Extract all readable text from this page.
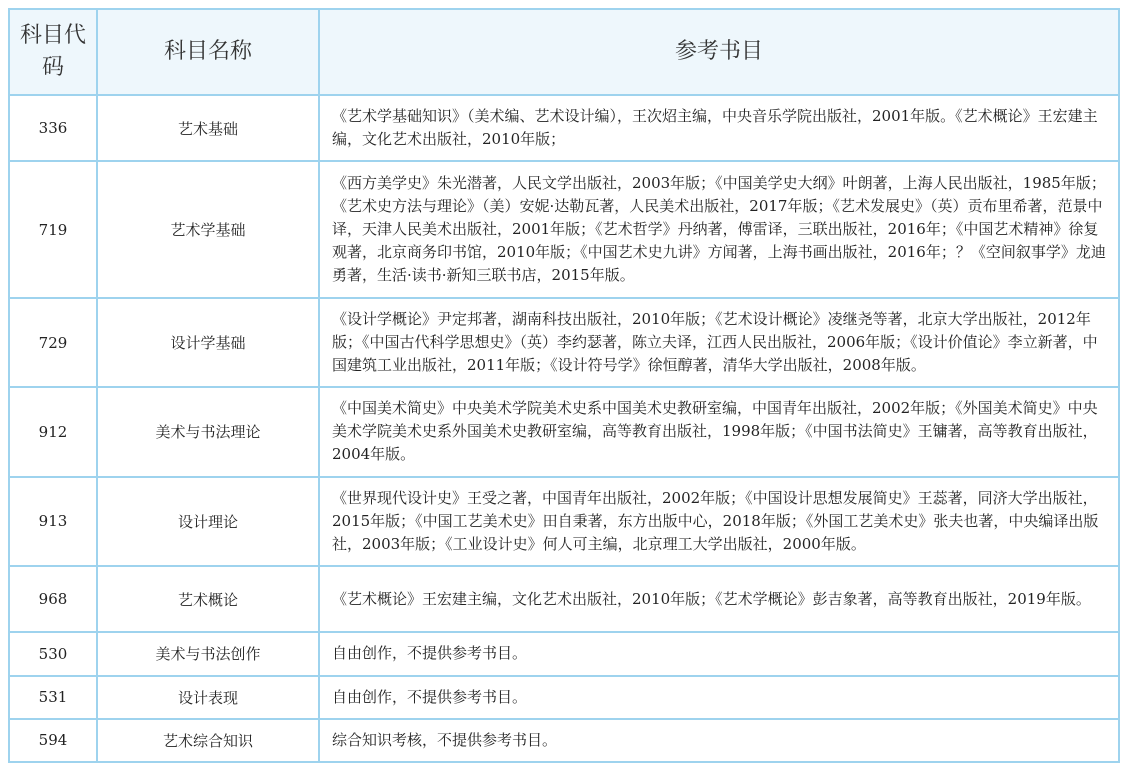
科目代码	科目名称	参考书目
336	艺术基础	《艺术学基础知识》（美术编、艺术设计编），王次炤主编，中央音乐学院出版社，2001年版。《艺术概论》王宏建主编，文化艺术出版社，2010年版；
719	艺术学基础	《西方美学史》朱光潜著，人民文学出版社，2003年版；《中国美学史大纲》叶朗著，上海人民出版社，1985年版；《艺术史方法与理论》（美）安妮·达勒瓦著，人民美术出版社，2017年版；《艺术发展史》（英）贡布里希著，范景中译，天津人民美术出版社，2001年版；《艺术哲学》丹纳著，傅雷译，三联出版社，2016年；《中国艺术精神》徐复观著，北京商务印书馆，2010年版；《中国艺术史九讲》方闻著，上海书画出版社，2016年；？《空间叙事学》龙迪勇著，生活·读书·新知三联书店，2015年版。
729	设计学基础	《设计学概论》尹定邦著，湖南科技出版社，2010年版；《艺术设计概论》凌继尧等著，北京大学出版社，2012年版；《中国古代科学思想史》（英）李约瑟著，陈立夫译，江西人民出版社，2006年版；《设计价值论》李立新著，中国建筑工业出版社，2011年版；《设计符号学》徐恒醇著，清华大学出版社，2008年版。
912	美术与书法理论	《中国美术简史》中央美术学院美术史系中国美术史教研室编，中国青年出版社，2002年版；《外国美术简史》中央美术学院美术史系外国美术史教研室编，高等教育出版社，1998年版；《中国书法简史》王镛著，高等教育出版社，2004年版。
913	设计理论	《世界现代设计史》王受之著，中国青年出版社，2002年版；《中国设计思想发展简史》王蕊著，同济大学出版社，2015年版；《中国工艺美术史》田自秉著，东方出版中心，2018年版；《外国工艺美术史》张夫也著，中央编译出版社，2003年版；《工业设计史》何人可主编，北京理工大学出版社，2000年版。
968	艺术概论	《艺术概论》王宏建主编，文化艺术出版社，2010年版；《艺术学概论》彭吉象著，高等教育出版社，2019年版。
530	美术与书法创作	自由创作，不提供参考书目。
531	设计表现	自由创作，不提供参考书目。
594	艺术综合知识	综合知识考核，不提供参考书目。
